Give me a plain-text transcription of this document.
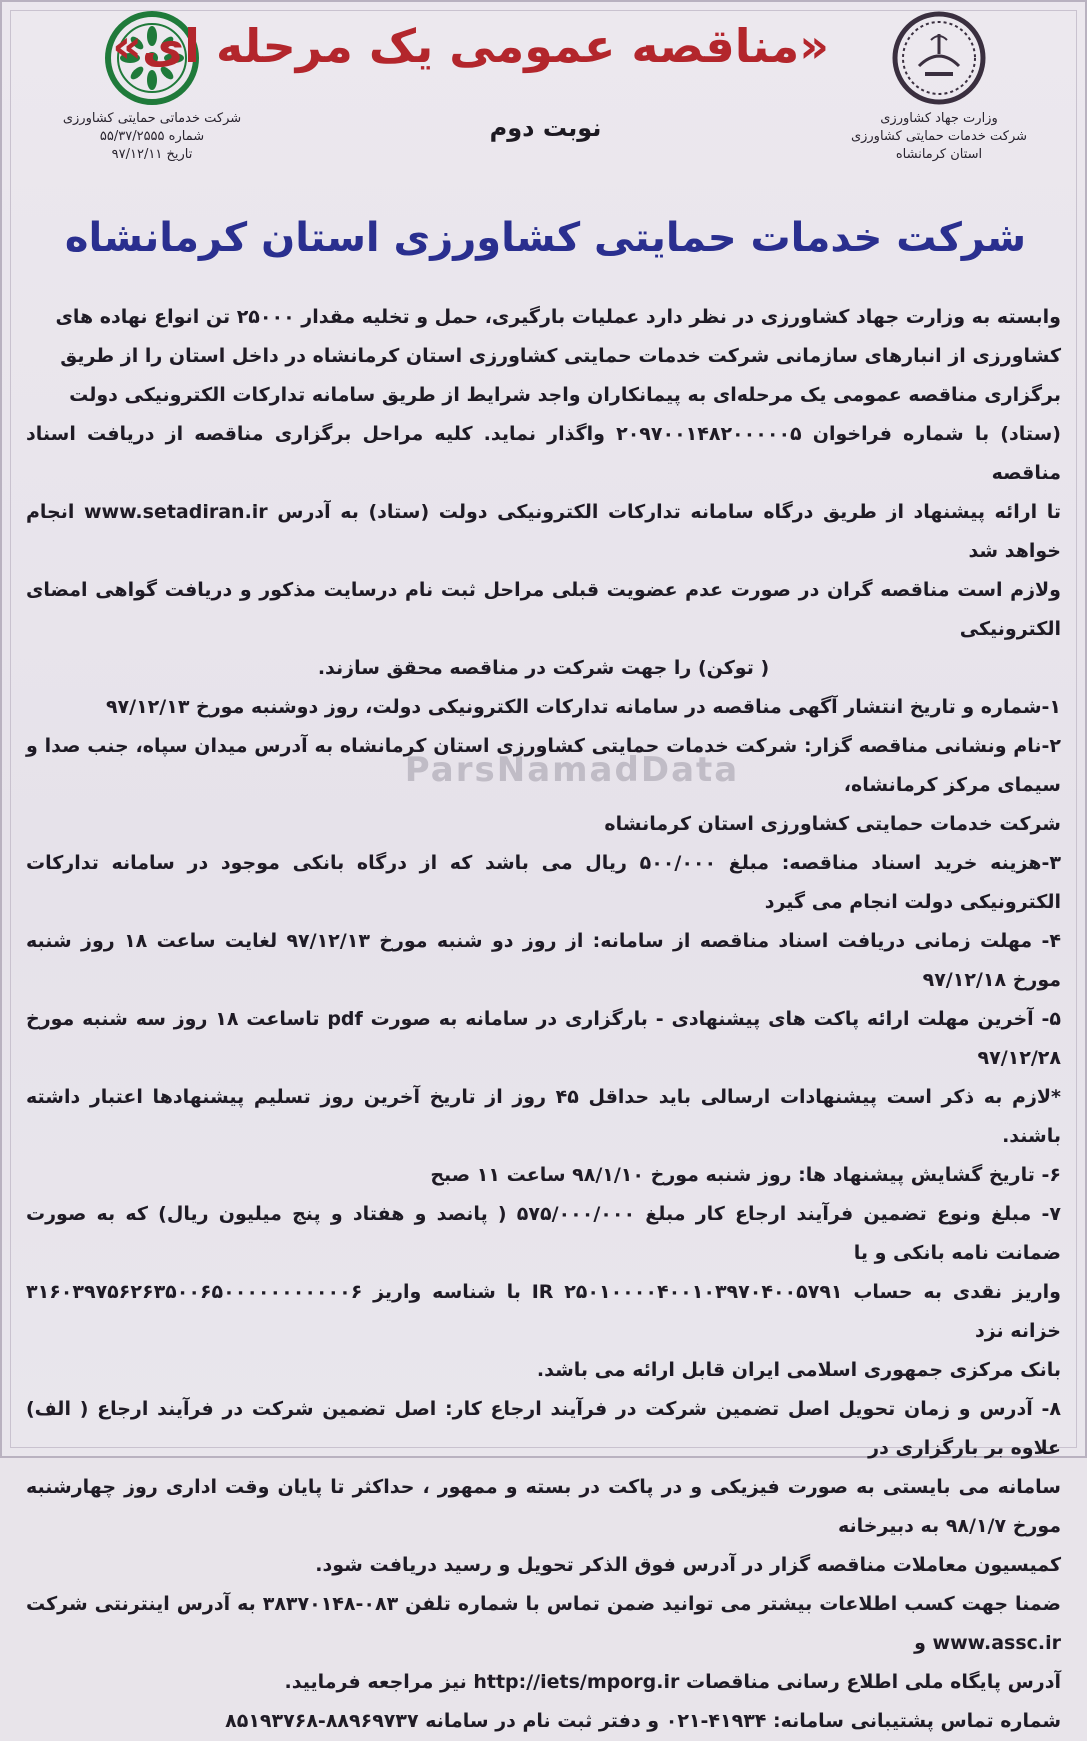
شرکت خدماتی حمایتی کشاورزی
شماره ۵۵/۳۷/۲۵۵۵
تاریخ ۹۷/۱۲/۱۱
«مناقصه عمومی یک مرحله ای»
نوبت دوم	وزارت جهاد کشاورزی
شرکت خدمات حمایتی کشاورزی
استان کرمانشاه
شرکت خدمات حمایتی کشاورزی استان کرمانشاه
ParsNamadData

وابسته به وزارت جهاد کشاورزی در نظر دارد عملیات بارگیری، حمل و تخلیه مقدار ۲۵۰۰۰ تن انواع نهاده های

کشاورزی از انبارهای سازمانی شرکت خدمات حمایتی کشاورزی استان کرمانشاه در داخل استان را از طریق

برگزاری مناقصه عمومی یک مرحله‌ای به پیمانکاران واجد شرایط از طریق سامانه تدارکات الکترونیکی دولت

(ستاد) با شماره فراخوان ۲۰۹۷۰۰۱۴۸۲۰۰۰۰۰۵ واگذار نماید. کلیه مراحل برگزاری مناقصه از دریافت اسناد مناقصه

تا ارائه پیشنهاد از طریق درگاه سامانه تدارکات الکترونیکی دولت (ستاد) به آدرس www.setadiran.ir انجام خواهد شد

ولازم است مناقصه گران در صورت عدم عضویت قبلی مراحل ثبت نام درسایت مذکور و دریافت گواهی امضای الکترونیکی

( توکن) را جهت شرکت در مناقصه محقق سازند.

۱-شماره و تاریخ انتشار آگهی مناقصه در سامانه تدارکات الکترونیکی دولت، روز دوشنبه مورخ ۹۷/۱۲/۱۳

۲-نام ونشانی مناقصه گزار: شرکت خدمات حمایتی کشاورزی استان کرمانشاه به آدرس میدان سپاه، جنب صدا و سیمای مرکز کرمانشاه،

شرکت خدمات حمایتی کشاورزی استان کرمانشاه

۳-هزینه خرید اسناد مناقصه: مبلغ ۵۰۰/۰۰۰ ریال می باشد که از درگاه بانکی موجود در سامانه تدارکات الکترونیکی دولت انجام می گیرد

۴- مهلت زمانی دریافت اسناد مناقصه از سامانه: از روز دو شنبه مورخ ۹۷/۱۲/۱۳ لغایت ساعت ۱۸ روز شنبه مورخ ۹۷/۱۲/۱۸

۵- آخرین مهلت ارائه پاکت های پیشنهادی - بارگزاری در سامانه به صورت pdf تاساعت ۱۸ روز سه شنبه مورخ ۹۷/۱۲/۲۸

*لازم به ذکر است پیشنهادات ارسالی باید حداقل ۴۵ روز از تاریخ آخرین روز تسلیم پیشنهادها اعتبار داشته باشند.

۶- تاریخ گشایش پیشنهاد ها: روز شنبه مورخ ۹۸/۱/۱۰ ساعت ۱۱ صبح

۷- مبلغ ونوع تضمین فرآیند ارجاع کار مبلغ ۵۷۵/۰۰۰/۰۰۰ ( پانصد و هفتاد و پنج میلیون ریال) که به صورت ضمانت نامه بانکی و یا

واریز نقدی به حساب ۲۵۰۱۰۰۰۰۴۰۰۱۰۳۹۷۰۴۰۰۵۷۹۱ IR با شناسه واریز ۳۱۶۰۳۹۷۵۶۲۶۳۵۰۰۶۵۰۰۰۰۰۰۰۰۰۰۰۶ خزانه نزد

بانک مرکزی جمهوری اسلامی ایران قابل ارائه می باشد.

۸- آدرس و زمان تحویل اصل تضمین شرکت در فرآیند ارجاع کار: اصل تضمین شرکت در فرآیند ارجاع ( الف) علاوه بر بارگزاری در

سامانه می بایستی به صورت فیزیکی و در پاکت در بسته و ممهور ، حداکثر تا پایان وقت اداری روز چهارشنبه مورخ ۹۸/۱/۷ به دبیرخانه

کمیسیون معاملات مناقصه گزار در آدرس فوق الذکر تحویل و رسید دریافت شود.

ضمنا جهت کسب اطلاعات بیشتر می توانید ضمن تماس با شماره تلفن ۰۸۳-۳۸۳۷۰۱۴۸ به آدرس اینترنتی شرکت www.assc.ir و

آدرس پایگاه ملی اطلاع رسانی مناقصات http://iets/mporg.ir نیز مراجعه فرمایید.

شماره تماس پشتیبانی سامانه: ۴۱۹۳۴-۰۲۱ و دفتر ثبت نام در سامانه ۸۸۹۶۹۷۳۷-۸۵۱۹۳۷۶۸
